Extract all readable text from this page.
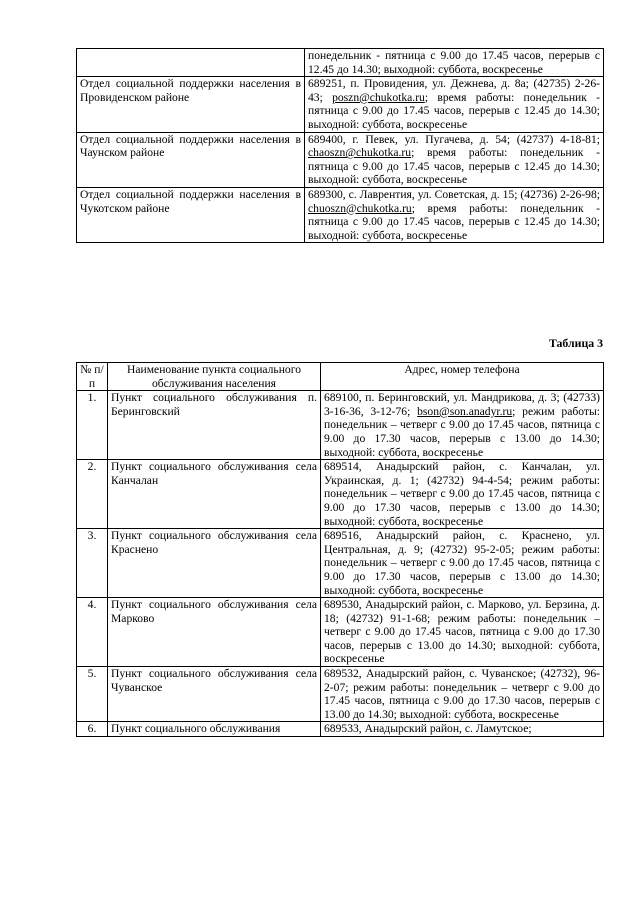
	понедельник - пятница с 9.00 до 17.45 часов, перерыв с 12.45 до 14.30; выходной: суббота, воскресенье
Отдел социальной поддержки населения в Провиденском районе	689251, п. Провидения, ул. Дежнева, д. 8а; (42735) 2-26-43; poszn@chukotka.ru; время работы: понедельник - пятница с 9.00 до 17.45 часов, перерыв с 12.45 до 14.30; выходной: суббота, воскресенье
Отдел социальной поддержки населения в Чаунском районе	689400, г. Певек, ул. Пугачева, д. 54; (42737) 4-18-81; chaoszn@chukotka.ru; время работы: понедельник - пятница с 9.00 до 17.45 часов, перерыв с 12.45 до 14.30; выходной: суббота, воскресенье
Отдел социальной поддержки населения в Чукотском районе	689300, с. Лаврентия, ул. Советская, д. 15; (42736) 2-26-98; chuoszn@chukotka.ru; время работы: понедельник - пятница с 9.00 до 17.45 часов, перерыв с 12.45 до 14.30; выходной: суббота, воскресенье
Таблица 3
№ п/п	Наименование пункта социального обслуживания населения	Адрес, номер телефона
1.	Пункт социального обслуживания п. Беринговский	689100, п. Беринговский, ул. Мандрикова, д. 3; (42733) 3-16-36, 3-12-76; bson@son.anadyr.ru; режим работы: понедельник – четверг с 9.00 до 17.45 часов, пятница с 9.00 до 17.30 часов, перерыв с 13.00 до 14.30; выходной: суббота, воскресенье
2.	Пункт социального обслуживания села Канчалан	689514, Анадырский район, с. Канчалан, ул. Украинская, д. 1; (42732) 94-4-54; режим работы: понедельник – четверг с 9.00 до 17.45 часов, пятница с 9.00 до 17.30 часов, перерыв с 13.00 до 14.30; выходной: суббота, воскресенье
3.	Пункт социального обслуживания села Краснено	689516, Анадырский район, с. Краснено, ул. Центральная, д. 9; (42732) 95-2-05; режим работы: понедельник – четверг с 9.00 до 17.45 часов, пятница с 9.00 до 17.30 часов, перерыв с 13.00 до 14.30; выходной: суббота, воскресенье
4.	Пункт социального обслуживания села Марково	689530, Анадырский район, с. Марково, ул. Берзина, д. 18; (42732) 91-1-68; режим работы: понедельник – четверг с 9.00 до 17.45 часов, пятница с 9.00 до 17.30 часов, перерыв с 13.00 до 14.30; выходной: суббота, воскресенье
5.	Пункт социального обслуживания села Чуванское	689532, Анадырский район, с. Чуванское; (42732), 96-2-07; режим работы: понедельник – четверг с 9.00 до 17.45 часов, пятница с 9.00 до 17.30 часов, перерыв с 13.00 до 14.30; выходной: суббота, воскресенье
6.	Пункт социального обслуживания	689533, Анадырский район, с. Ламутское;
